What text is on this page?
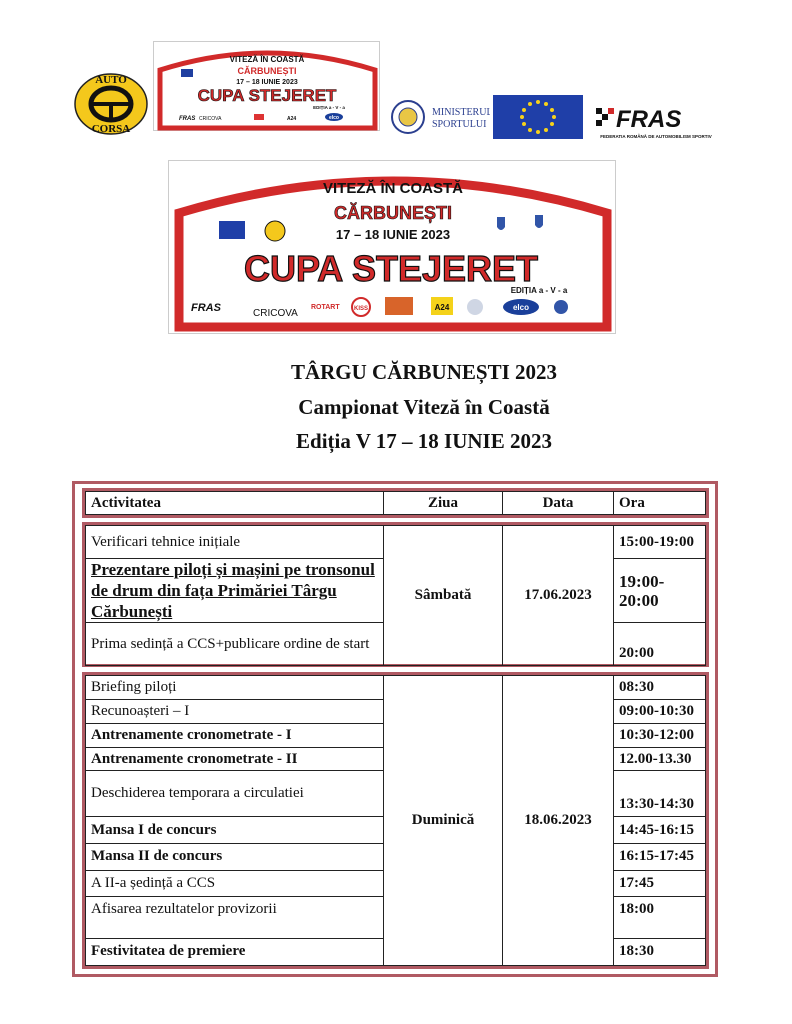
AUTO
CORSA
VITEZĂ ÎN COASTĂ
CĂRBUNEȘTI
17 – 18 IUNIE 2023
CUPA STEJERET
EDIȚIA a - V - a
FRAS CRICOVA	A24	elco	MINISTERUL
SPORTULUI	FRAS
FEDERATIA ROMÂNĂ DE AUTOMOBILISM SPORTIV
VITEZĂ ÎN COASTĂ
CĂRBUNEȘTI
17 – 18 IUNIE 2023
CUPA STEJERET
EDIȚIA a - V - a
FRAS	CRICOVA
ROTART KISS	A24	elco
TÂRGU CĂRBUNEȘTI 2023
Campionat Viteză în Coastă
Ediția V 17 – 18 IUNIE 2023
Activitatea	Ziua	Data	Ora
Verificari tehnice inițiale	Sâmbată	17.06.2023	15:00-19:00
Prezentare piloți și mașini pe tronsonul de drum din fața Primăriei Târgu Cărbunești			19:00-20:00
Prima sedință a CCS+publicare ordine de start			20:00
Briefing piloți	Duminică	18.06.2023	08:30
Recunoașteri – I			09:00-10:30
Antrenamente cronometrate - I			10:30-12:00
Antrenamente cronometrate - II			12.00-13.30
Deschiderea temporara a circulatiei			13:30-14:30
Mansa I de concurs			14:45-16:15
Mansa II de concurs			16:15-17:45
A II-a ședință a CCS			17:45
Afisarea rezultatelor provizorii			18:00
Festivitatea de premiere			18:30
